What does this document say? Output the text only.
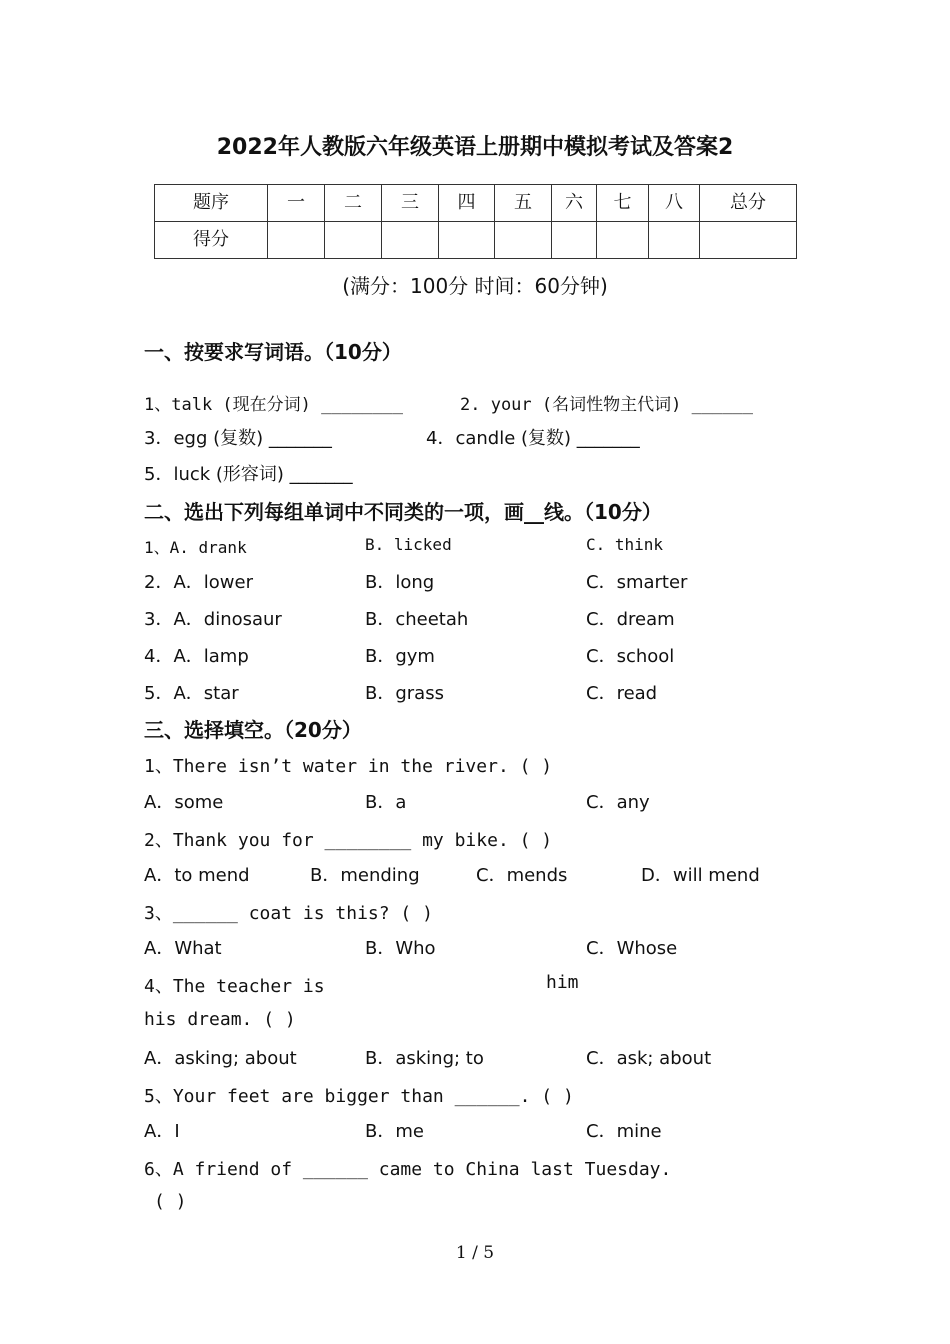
2022年人教版六年级英语上册期中模拟考试及答案2
题序	一	二	三	四	五	六	七	八	总分
得分									
(满分：100分 时间：60分钟)
一、按要求写词语。（10分）
1、talk (现在分词) ________	2. your (名词性物主代词) ______
3．egg (复数) _______	4．candle (复数) _______
5．luck (形容词) _______
二、选出下列每组单词中不同类的一项，画__线。（10分）
1、A. drank	B. licked	C. think
2．A．lower	B．long	C．smarter
3．A．dinosaur	B．cheetah	C．dream
4．A．lamp	B．gym	C．school
5．A．star	B．grass	C．read
三、选择填空。（20分）
1、There isn’t water in the river. ( )
A．some	B．a	C．any
2、Thank you for ________ my bike. ( )
A．to mend	B．mending	C．mends	D．will mend
3、______ coat is this? ( )
A．What	B．Who	C．Whose
4、The teacher is	him
his dream. ( )
A．asking; about	B．asking; to	C．ask; about
5、Your feet are bigger than ______. ( )
A．I	B．me	C．mine
6、A friend of ______ came to China last Tuesday.
( )
1 / 5
